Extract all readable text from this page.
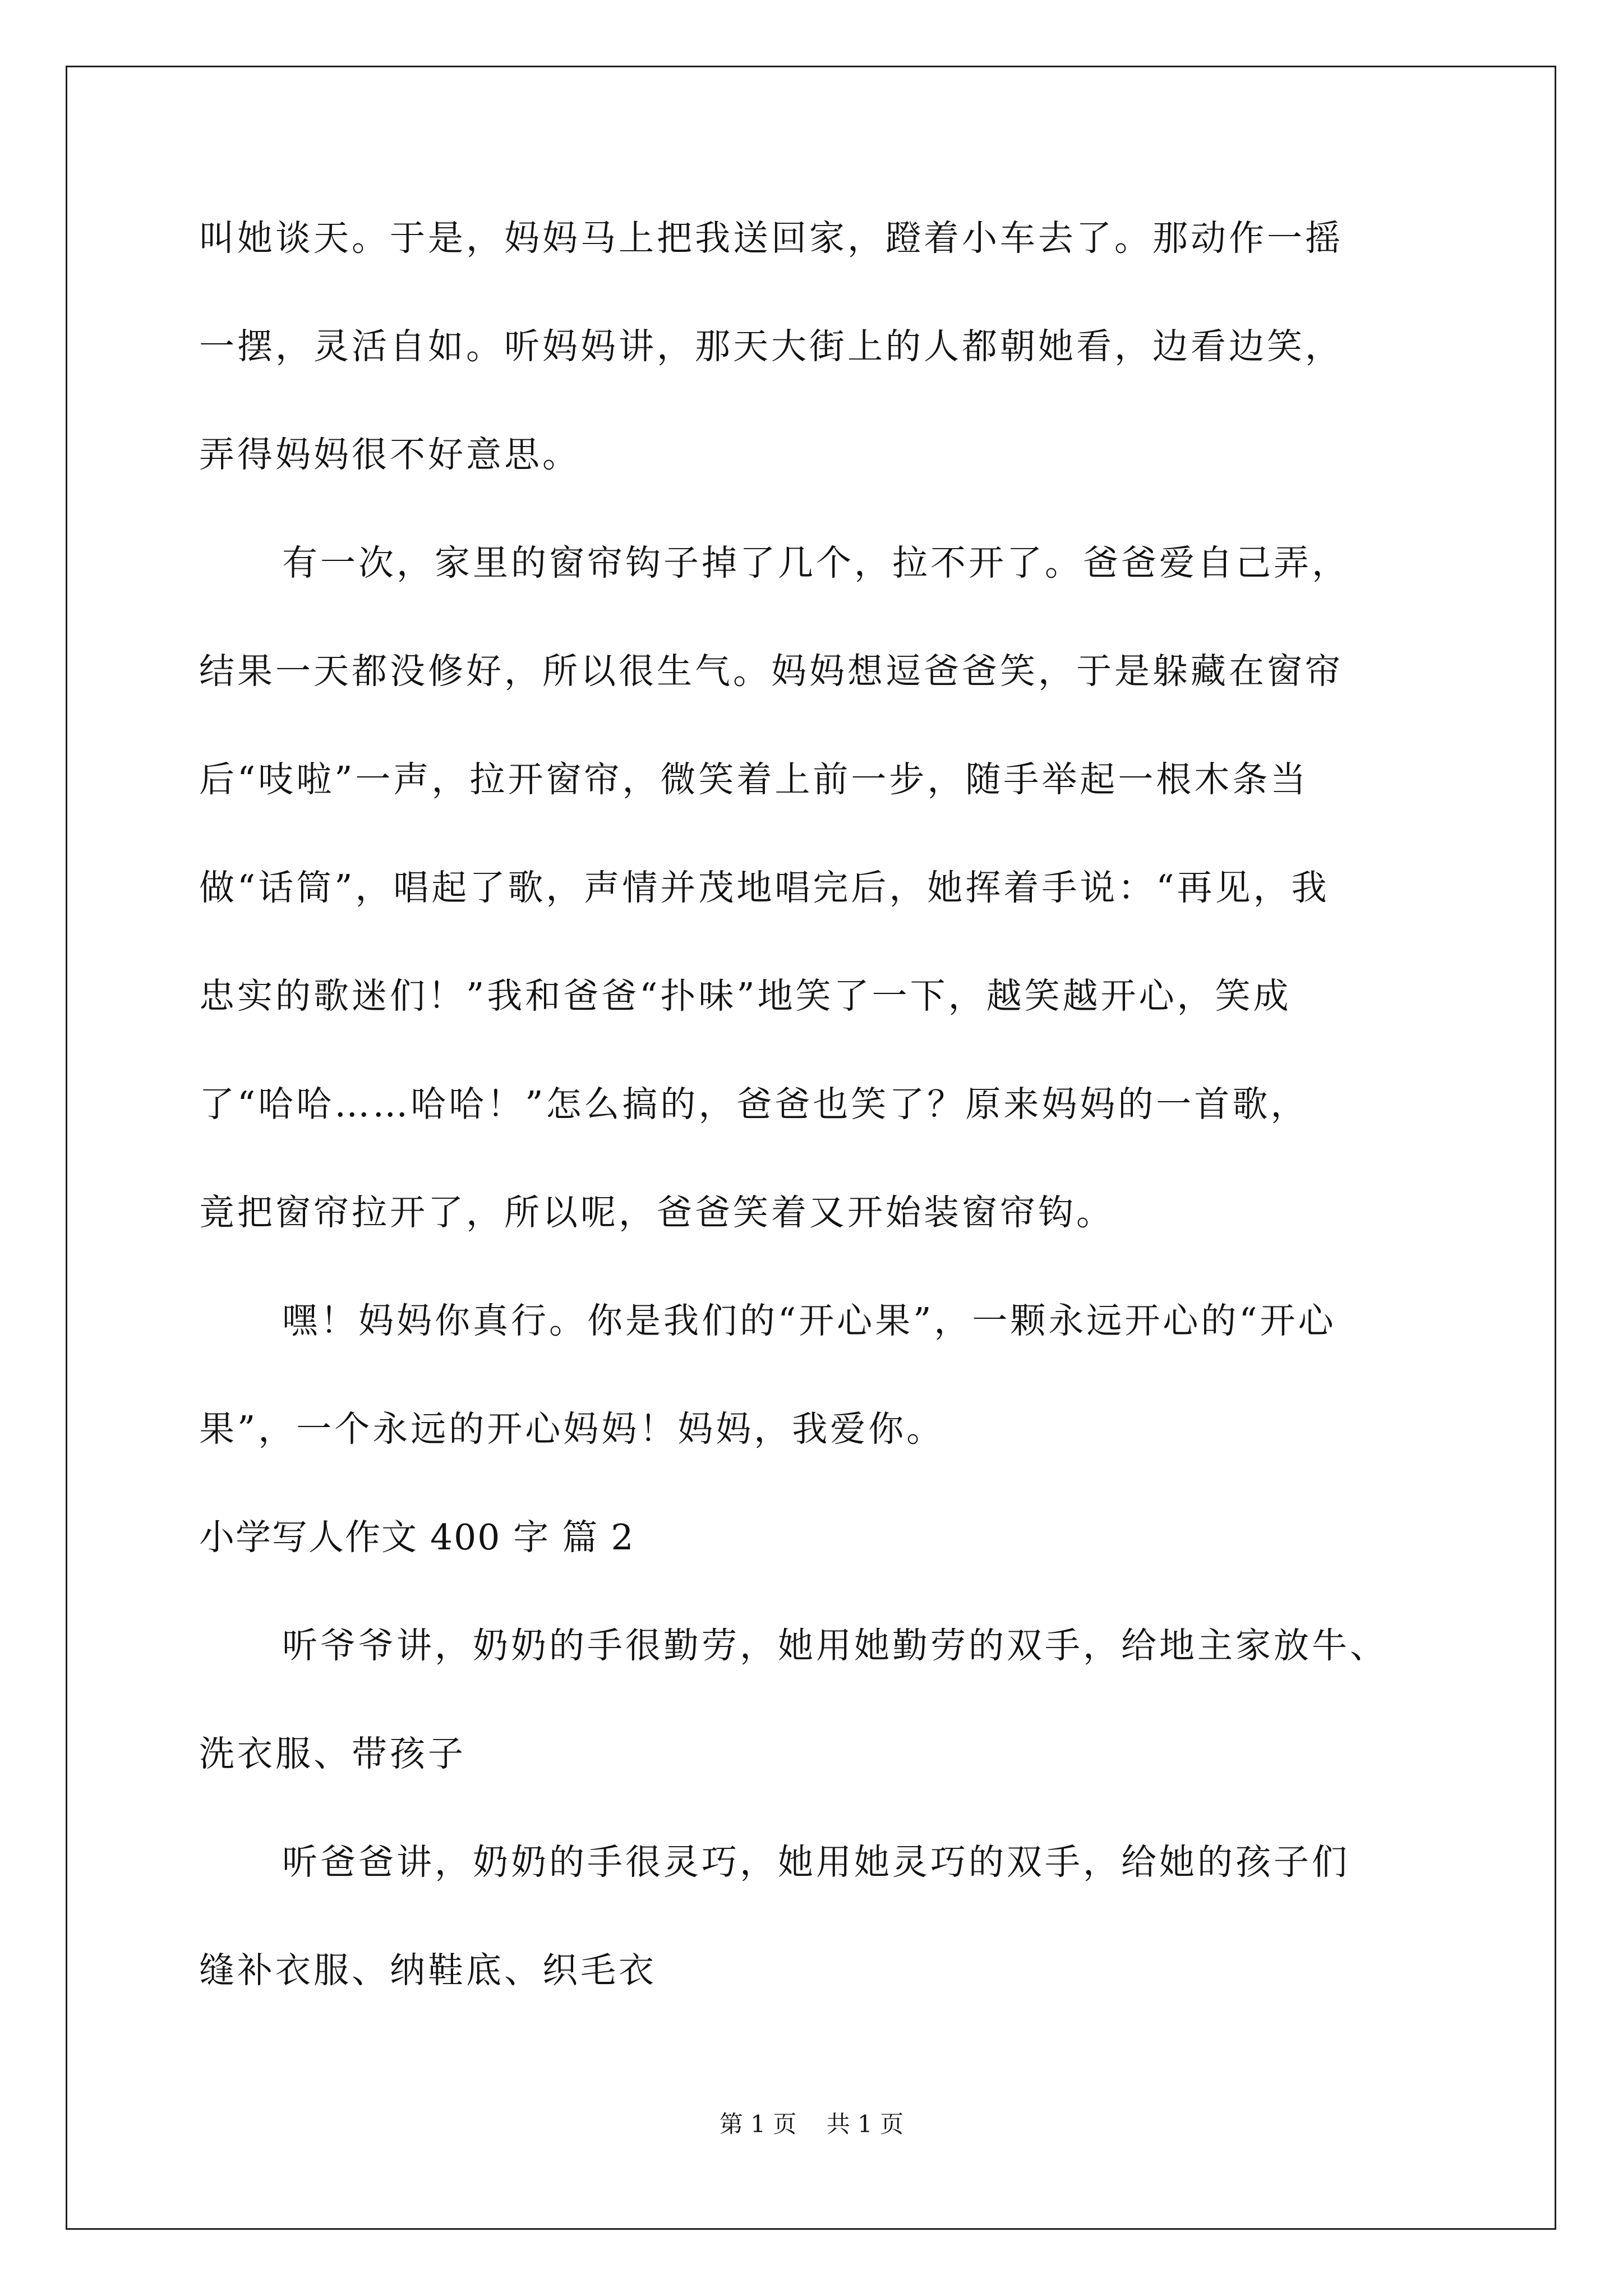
叫她谈天。于是，妈妈马上把我送回家，蹬着小车去了。那动作一摇
一摆，灵活自如。听妈妈讲，那天大街上的人都朝她看，边看边笑，
弄得妈妈很不好意思。
有一次，家里的窗帘钩子掉了几个，拉不开了。爸爸爱自己弄，
结果一天都没修好，所以很生气。妈妈想逗爸爸笑，于是躲藏在窗帘
后“吱啦”一声，拉开窗帘，微笑着上前一步，随手举起一根木条当
做“话筒”，唱起了歌，声情并茂地唱完后，她挥着手说：“再见，我
忠实的歌迷们！”我和爸爸“扑味”地笑了一下，越笑越开心，笑成
了“哈哈……哈哈！”怎么搞的，爸爸也笑了？原来妈妈的一首歌，
竟把窗帘拉开了，所以呢，爸爸笑着又开始装窗帘钩。
嘿！妈妈你真行。你是我们的“开心果”，一颗永远开心的“开心
果”，一个永远的开心妈妈！妈妈，我爱你。
小学写人作文 400 字 篇 2
听爷爷讲，奶奶的手很勤劳，她用她勤劳的双手，给地主家放牛、
洗衣服、带孩子
听爸爸讲，奶奶的手很灵巧，她用她灵巧的双手，给她的孩子们
缝补衣服、纳鞋底、织毛衣
第 1 页    共 1 页
